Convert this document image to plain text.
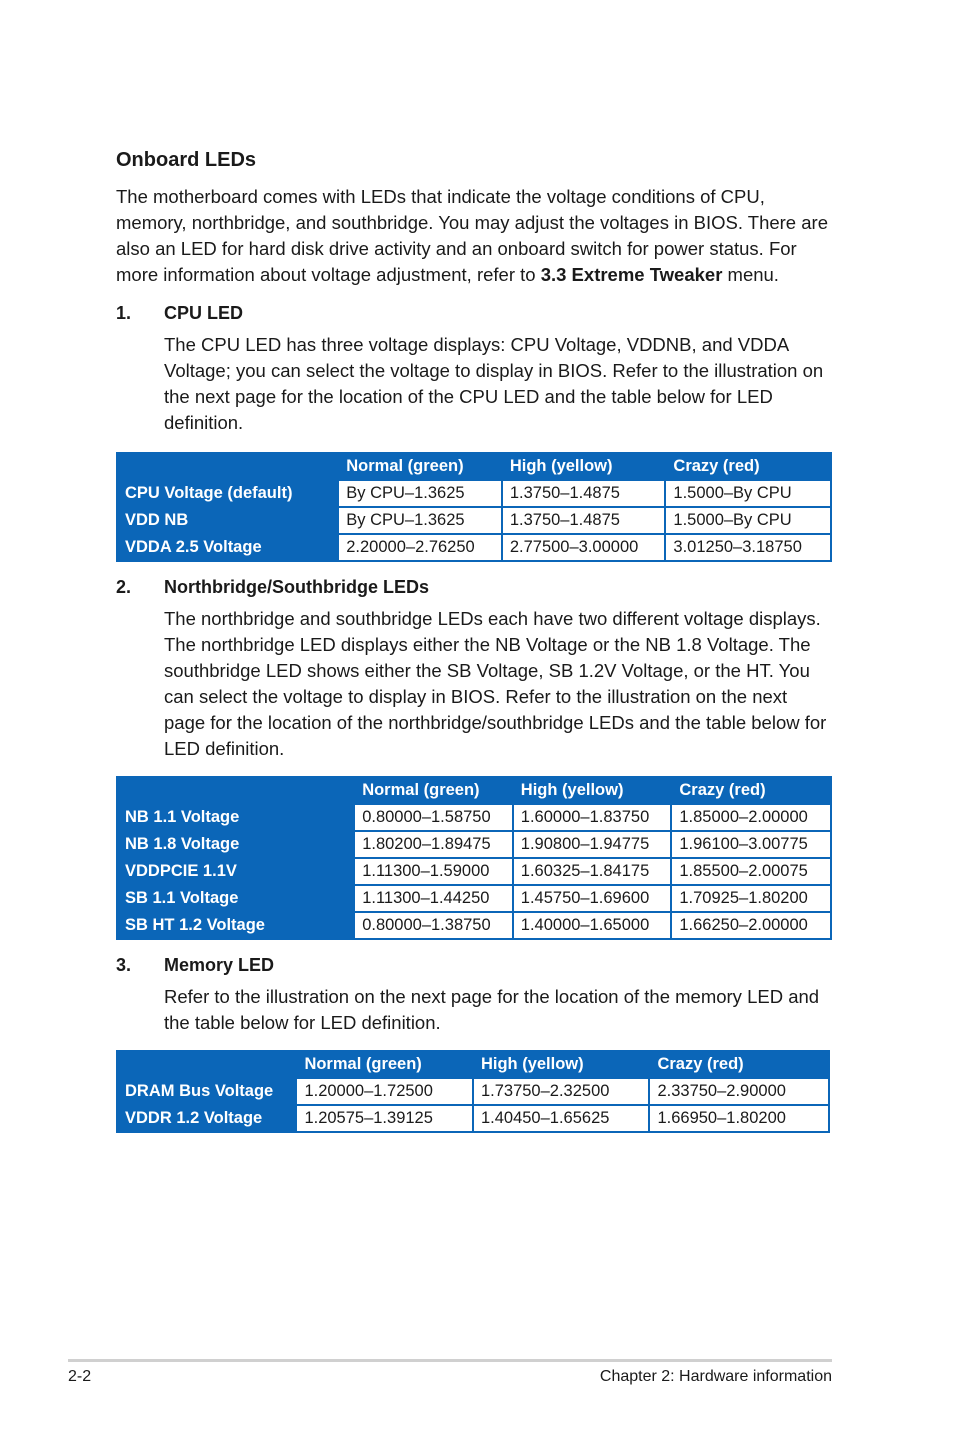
Onboard LEDs

The motherboard comes with LEDs that indicate the voltage conditions of CPU, memory, northbridge, and southbridge. You may adjust the voltages in BIOS. There are also an LED for hard disk drive activity and an onboard switch for power status. For more information about voltage adjustment, refer to 3.3 Extreme Tweaker menu.

1.	CPU LED

The CPU LED has three voltage displays: CPU Voltage, VDDNB, and VDDA Voltage; you can select the voltage to display in BIOS. Refer to the illustration on the next page for the location of the CPU LED and the table below for LED definition.

	Normal (green)	High (yellow)	Crazy (red)
CPU Voltage (default)	By CPU–1.3625	1.3750–1.4875	1.5000–By CPU
VDD NB	By CPU–1.3625	1.3750–1.4875	1.5000–By CPU
VDDA 2.5 Voltage	2.20000–2.76250	2.77500–3.00000	3.01250–3.18750
2.	Northbridge/Southbridge LEDs

The northbridge and southbridge LEDs each have two different voltage displays. The northbridge LED displays either the NB Voltage or the NB 1.8 Voltage. The southbridge LED shows either the SB Voltage, SB 1.2V Voltage, or the HT. You can select the voltage to display in BIOS. Refer to the illustration on the next page for the location of the northbridge/southbridge LEDs and the table below for LED definition.

	Normal (green)	High (yellow)	Crazy (red)
NB 1.1 Voltage	0.80000–1.58750	1.60000–1.83750	1.85000–2.00000
NB 1.8 Voltage	1.80200–1.89475	1.90800–1.94775	1.96100–3.00775
VDDPCIE 1.1V	1.11300–1.59000	1.60325–1.84175	1.85500–2.00075
SB 1.1 Voltage	1.11300–1.44250	1.45750–1.69600	1.70925–1.80200
SB HT 1.2 Voltage	0.80000–1.38750	1.40000–1.65000	1.66250–2.00000
3.	Memory LED

Refer to the illustration on the next page for the location of the memory LED and the table below for LED definition.

	Normal (green)	High (yellow)	Crazy (red)
DRAM Bus Voltage	1.20000–1.72500	1.73750–2.32500	2.33750–2.90000
VDDR 1.2 Voltage	1.20575–1.39125	1.40450–1.65625	1.66950–1.80200
2-2	Chapter 2: Hardware information
